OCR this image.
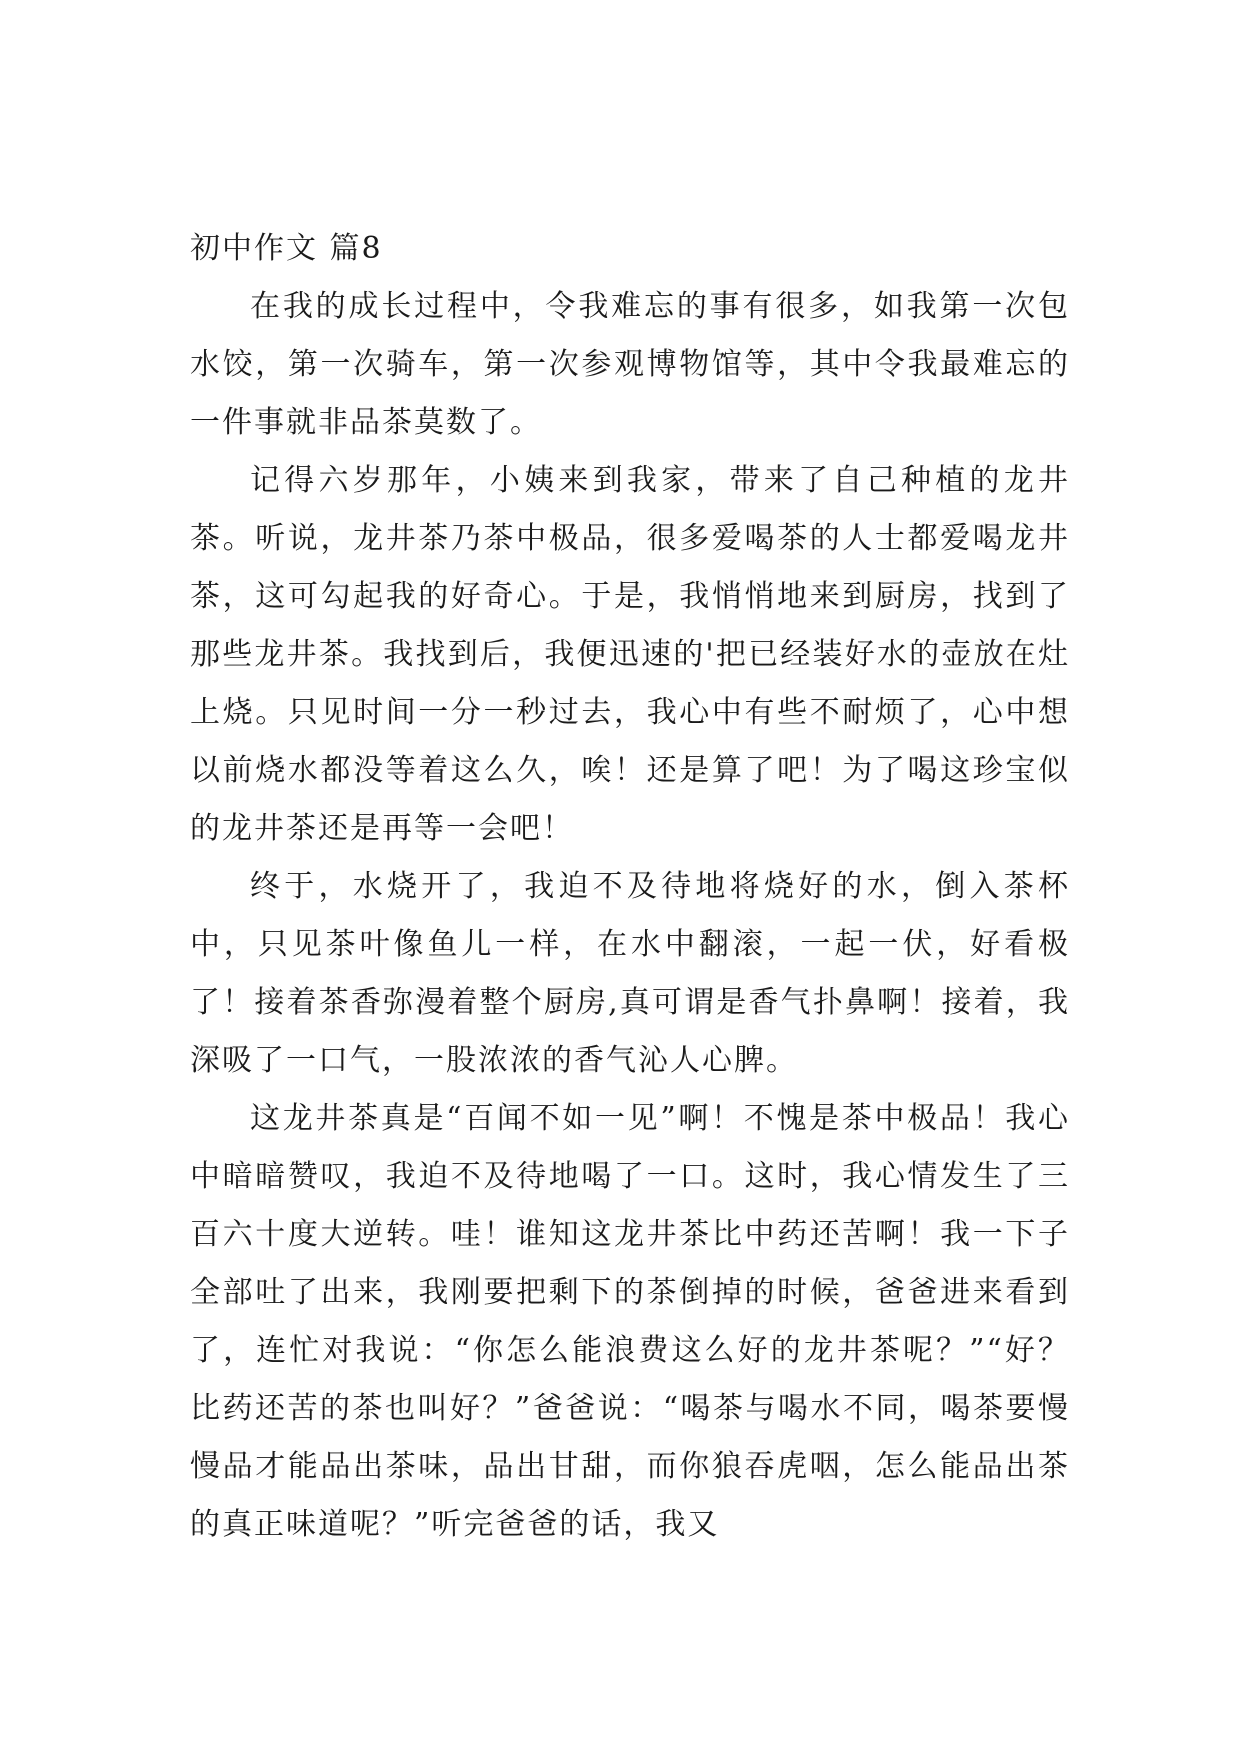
初中作文 篇8

在我的成长过程中，令我难忘的事有很多，如我第一次包水饺，第一次骑车，第一次参观博物馆等，其中令我最难忘的一件事就非品茶莫数了。

记得六岁那年，小姨来到我家，带来了自己种植的龙井茶。听说，龙井茶乃茶中极品，很多爱喝茶的人士都爱喝龙井茶，这可勾起我的好奇心。于是，我悄悄地来到厨房，找到了那些龙井茶。我找到后，我便迅速的'把已经装好水的壶放在灶上烧。只见时间一分一秒过去，我心中有些不耐烦了，心中想以前烧水都没等着这么久，唉！还是算了吧！为了喝这珍宝似的龙井茶还是再等一会吧！

终于，水烧开了，我迫不及待地将烧好的水，倒入茶杯中，只见茶叶像鱼儿一样，在水中翻滚，一起一伏，好看极了！接着茶香弥漫着整个厨房,真可谓是香气扑鼻啊！接着，我深吸了一口气，一股浓浓的香气沁人心脾。

这龙井茶真是“百闻不如一见”啊！不愧是茶中极品！我心中暗暗赞叹，我迫不及待地喝了一口。这时，我心情发生了三百六十度大逆转。哇！谁知这龙井茶比中药还苦啊！我一下子全部吐了出来，我刚要把剩下的茶倒掉的时候，爸爸进来看到了，连忙对我说：“你怎么能浪费这么好的龙井茶呢？”“好？比药还苦的茶也叫好？”爸爸说：“喝茶与喝水不同，喝茶要慢慢品才能品出茶味，品出甘甜，而你狼吞虎咽，怎么能品出茶的真正味道呢？”听完爸爸的话，我又
